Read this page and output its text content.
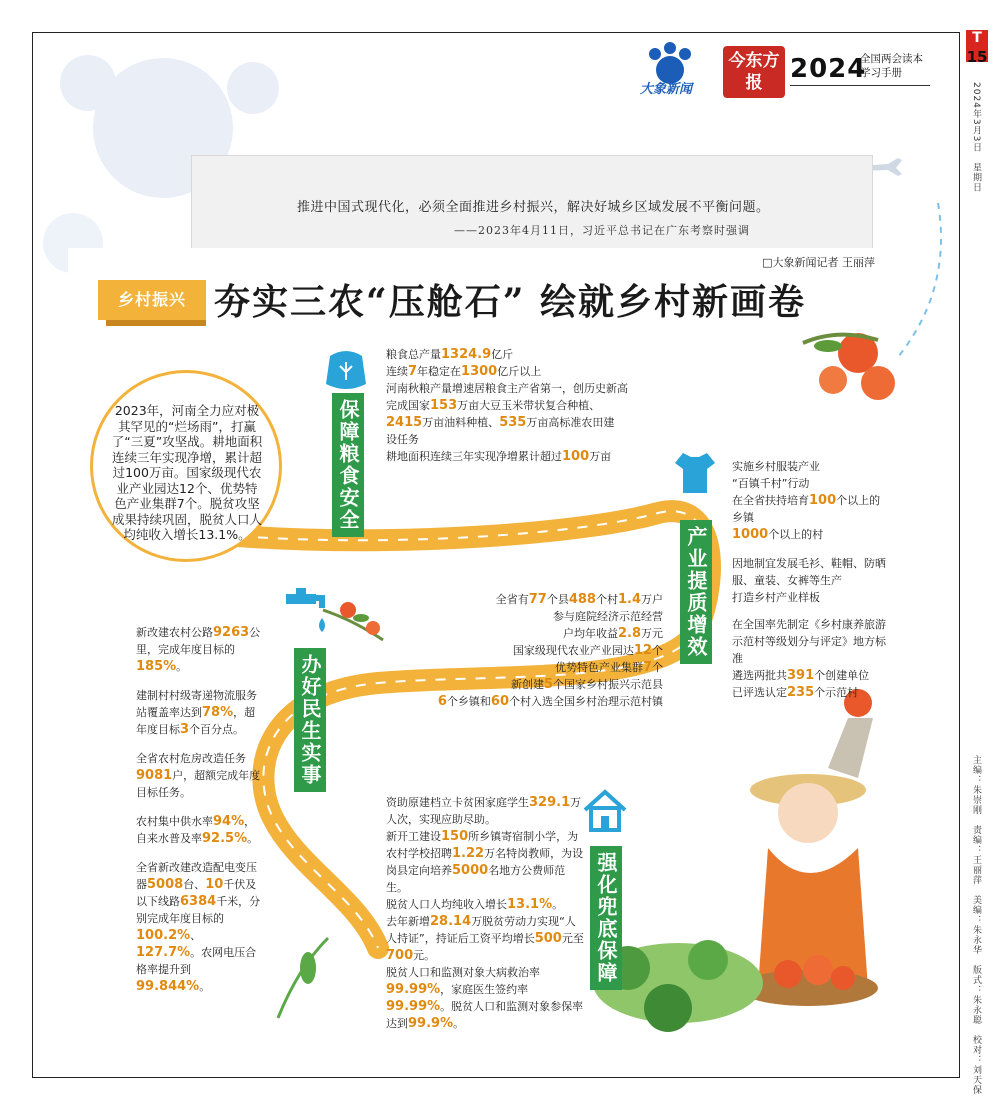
T
15
2024年3月3日　星期日
主编：朱崇刚　责编：王丽萍　美编：朱永华　版式：朱永聪　校对：刘天保
推进中国式现代化，必须全面推进乡村振兴，解决好城乡区域发展不平衡问题。
——2023年4月11日，习近平总书记在广东考察时强调
大象新闻
今东方报	2024
全国两会读本
学习手册
□大象新闻记者 王丽萍
乡村振兴 夯实三农“压舱石” 绘就乡村新画卷
保障粮食安全
产业提质增效
办好民生实事
强化兜底保障
粮食总产量1324.9亿斤
连续7年稳定在1300亿斤以上
河南秋粮产量增速居粮食主产省第一，创历史新高
完成国家153万亩大豆玉米带状复合种植、
2415万亩油料种植、535万亩高标准农田建
设任务
耕地面积连续三年实现净增累计超过100万亩
实施乡村服装产业
“百镇千村”行动
在全省扶持培育100个以上的
乡镇
1000个以上的村
因地制宜发展毛衫、鞋帽、防晒
服、童装、女裤等生产
打造乡村产业样板
在全国率先制定《乡村康养旅游
示范村等级划分与评定》地方标
准
遴选两批共391个创建单位
已评选认定235个示范村
全省有77个县488个村1.4万户
参与庭院经济示范经营
户均年收益2.8万元
国家级现代农业产业园达12个
优势特色产业集群7个
新创建5个国家乡村振兴示范县
6个乡镇和60个村入选全国乡村治理示范村镇
新改建农村公路9263公里，完成年度目标的185%。
建制村村级寄递物流服务站覆盖率达到78%，超年度目标3个百分点。
全省农村危房改造任务9081户，超额完成年度目标任务。
农村集中供水率94%，自来水普及率92.5%。
全省新改建改造配电变压器5008台、10千伏及以下线路6384千米，分别完成年度目标的100.2%、127.7%。农网电压合格率提升到99.844%。
资助原建档立卡贫困家庭学生329.1万人次，实现应助尽助。
新开工建设150所乡镇寄宿制小学，为农村学校招聘1.22万名特岗教师，为设岗县定向培养5000名地方公费师范生。
脱贫人口人均纯收入增长13.1%。
去年新增28.14万脱贫劳动力实现“人人持证”，持证后工资平均增长500元至700元。
脱贫人口和监测对象大病救治率99.99%，家庭医生签约率99.99%。脱贫人口和监测对象参保率达到99.9%。
2023年，河南全力应对极其罕见的“烂场雨”，打赢了“三夏”攻坚战。耕地面积连续三年实现净增，累计超过100万亩。国家级现代农业产业园达12个、优势特色产业集群7个。脱贫攻坚成果持续巩固，脱贫人口人均纯收入增长13.1%。
